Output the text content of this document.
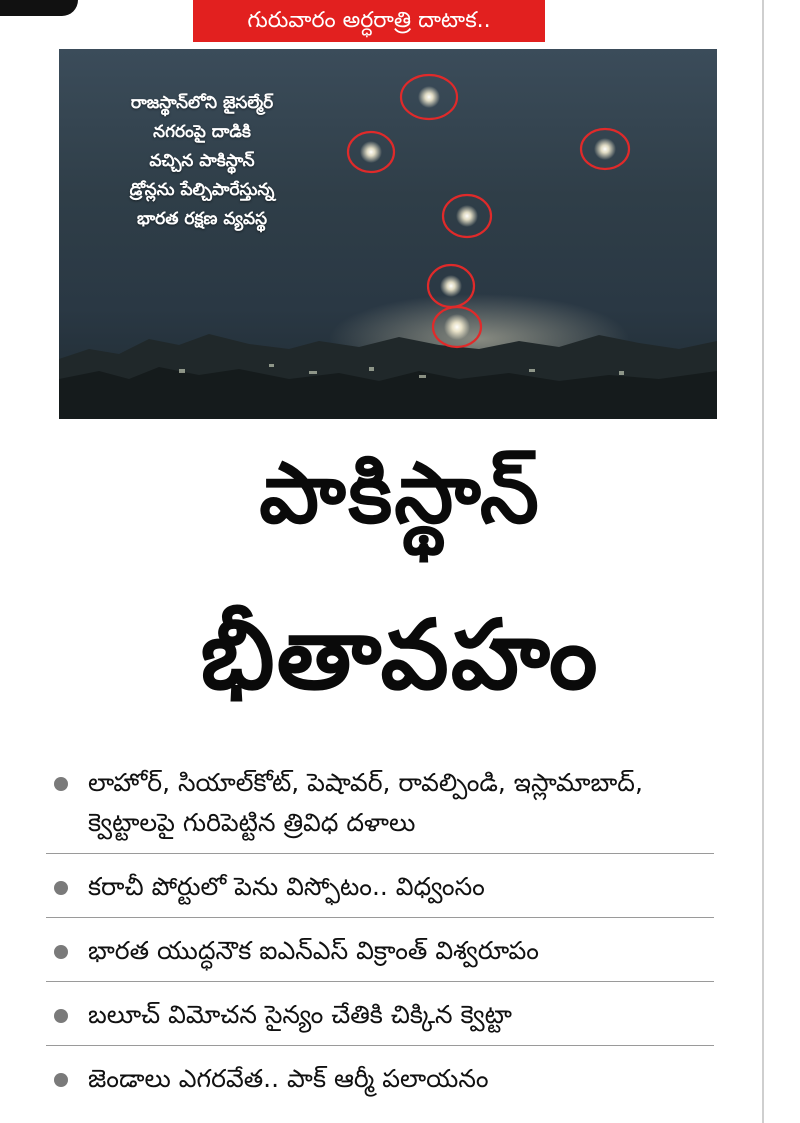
గురువారం అర్ధరాత్రి దాటాక..
రాజస్థాన్‌లోని జైసల్మేర్
నగరంపై దాడికి
వచ్చిన పాకిస్థాన్
డ్రోన్లను పేల్చిపారేస్తున్న
భారత రక్షణ వ్యవస్థ
పాకిస్థాన్
భీతావహం
లాహోర్, సియాల్‌కోట్, పెషావర్, రావల్పిండి, ఇస్లామాబాద్, క్వెట్టాలపై గురిపెట్టిన త్రివిధ దళాలు
కరాచీ పోర్టులో పెను విస్ఫోటం.. విధ్వంసం
భారత యుద్ధనౌక ఐఎన్ఎస్ విక్రాంత్ విశ్వరూపం
బలూచ్ విమోచన సైన్యం చేతికి చిక్కిన క్వెట్టా
జెండాలు ఎగరవేత.. పాక్ ఆర్మీ పలాయనం
